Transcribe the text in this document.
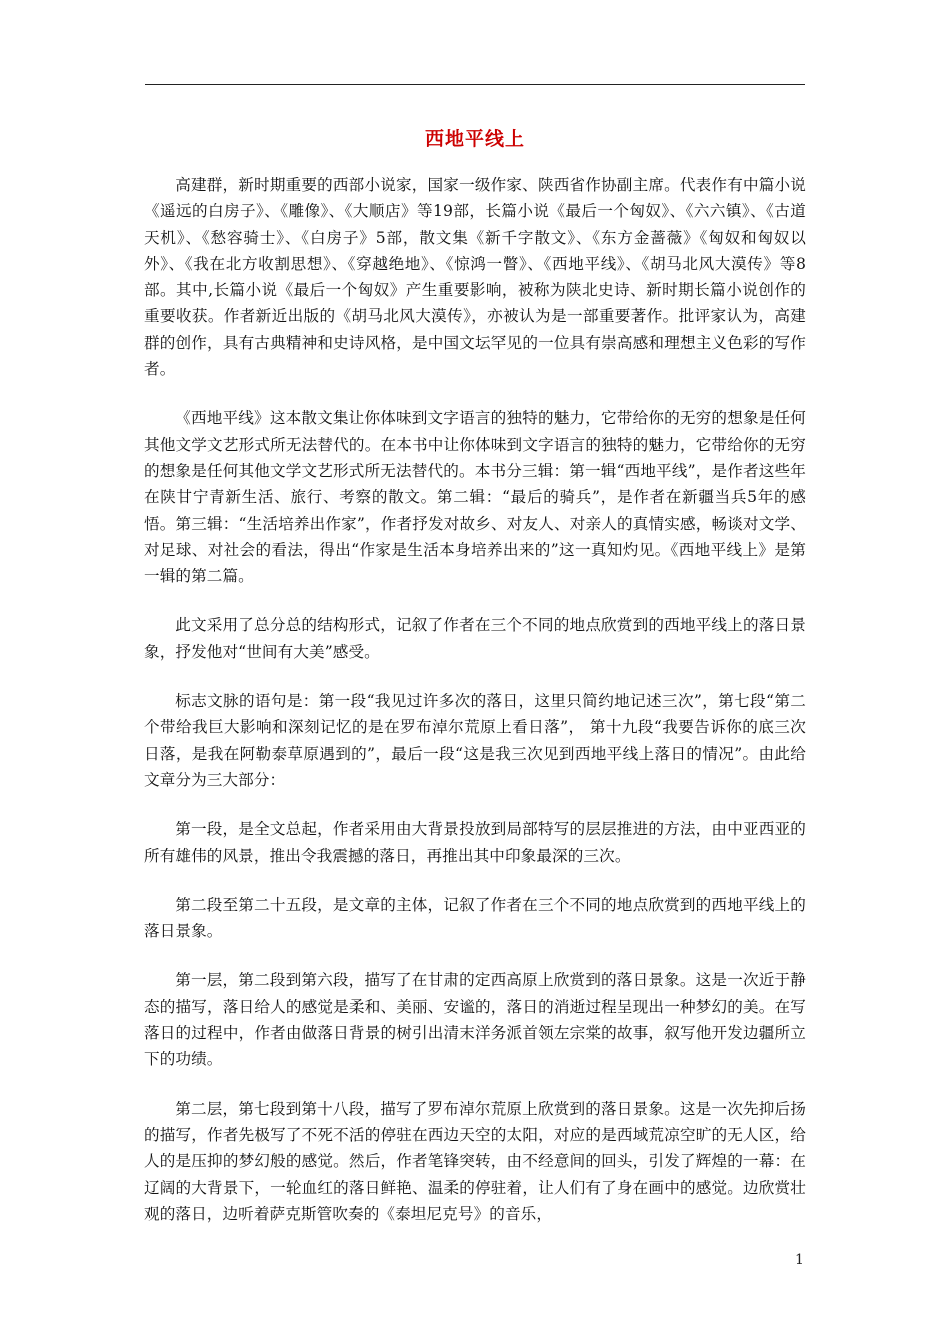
西地平线上

高建群，新时期重要的西部小说家，国家一级作家、陕西省作协副主席。代表作有中篇小说《遥远的白房子》、《雕像》、《大顺店》等19部，长篇小说《最后一个匈奴》、《六六镇》、《古道天机》、《愁容骑士》、《白房子》5部，散文集《新千字散文》、《东方金蔷薇》《匈奴和匈奴以外》、《我在北方收割思想》、《穿越绝地》、《惊鸿一瞥》、《西地平线》、《胡马北风大漠传》等8部。其中,长篇小说《最后一个匈奴》产生重要影响，被称为陕北史诗、新时期长篇小说创作的重要收获。作者新近出版的《胡马北风大漠传》，亦被认为是一部重要著作。批评家认为，高建群的创作，具有古典精神和史诗风格，是中国文坛罕见的一位具有崇高感和理想主义色彩的写作者。

《西地平线》这本散文集让你体味到文字语言的独特的魅力，它带给你的无穷的想象是任何其他文学文艺形式所无法替代的。在本书中让你体味到文字语言的独特的魅力，它带给你的无穷的想象是任何其他文学文艺形式所无法替代的。本书分三辑：第一辑“西地平线”，是作者这些年在陕甘宁青新生活、旅行、考察的散文。第二辑：“最后的骑兵”，是作者在新疆当兵5年的感悟。第三辑：“生活培养出作家”，作者抒发对故乡、对友人、对亲人的真情实感，畅谈对文学、对足球、对社会的看法，得出“作家是生活本身培养出来的”这一真知灼见。《西地平线上》是第一辑的第二篇。

此文采用了总分总的结构形式，记叙了作者在三个不同的地点欣赏到的西地平线上的落日景象，抒发他对“世间有大美”感受。

标志文脉的语句是：第一段“我见过许多次的落日，这里只简约地记述三次”，第七段“第二个带给我巨大影响和深刻记忆的是在罗布淖尔荒原上看日落”， 第十九段“我要告诉你的底三次日落，是我在阿勒泰草原遇到的”，最后一段“这是我三次见到西地平线上落日的情况”。由此给文章分为三大部分：

第一段，是全文总起，作者采用由大背景投放到局部特写的层层推进的方法，由中亚西亚的所有雄伟的风景，推出令我震撼的落日，再推出其中印象最深的三次。

第二段至第二十五段，是文章的主体，记叙了作者在三个不同的地点欣赏到的西地平线上的落日景象。

第一层，第二段到第六段，描写了在甘肃的定西高原上欣赏到的落日景象。这是一次近于静态的描写，落日给人的感觉是柔和、美丽、安谧的，落日的消逝过程呈现出一种梦幻的美。在写落日的过程中，作者由做落日背景的树引出清末洋务派首领左宗棠的故事，叙写他开发边疆所立下的功绩。

第二层，第七段到第十八段，描写了罗布淖尔荒原上欣赏到的落日景象。这是一次先抑后扬的描写，作者先极写了不死不活的停驻在西边天空的太阳，对应的是西域荒凉空旷的无人区，给人的是压抑的梦幻般的感觉。然后，作者笔锋突转，由不经意间的回头，引发了辉煌的一幕：在辽阔的大背景下，一轮血红的落日鲜艳、温柔的停驻着，让人们有了身在画中的感觉。边欣赏壮观的落日，边听着萨克斯管吹奏的《泰坦尼克号》的音乐，

1
